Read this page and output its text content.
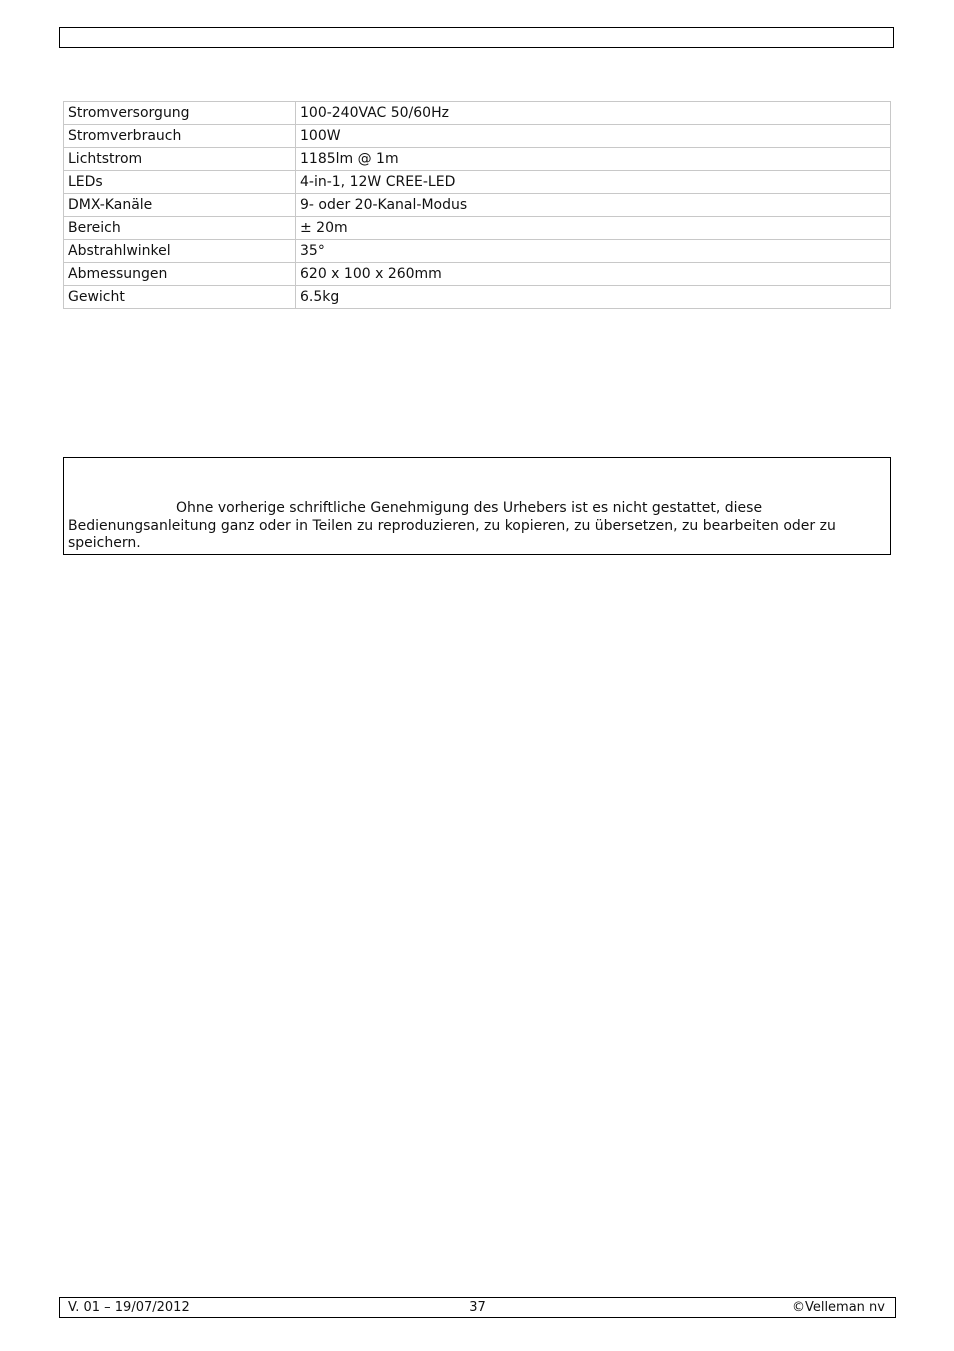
Stromversorgung	100-240VAC 50/60Hz
Stromverbrauch	100W
Lichtstrom	1185lm @ 1m
LEDs	4-in-1, 12W CREE-LED
DMX-Kanäle	9- oder 20-Kanal-Modus
Bereich	± 20m
Abstrahlwinkel	35°
Abmessungen	620 x 100 x 260mm
Gewicht	6.5kg
Ohne vorherige schriftliche Genehmigung des Urhebers ist es nicht gestattet, diese Bedienungsanleitung ganz oder in Teilen zu reproduzieren, zu kopieren, zu übersetzen, zu bearbeiten oder zu speichern.
V. 01 – 19/07/2012	37	©Velleman nv
